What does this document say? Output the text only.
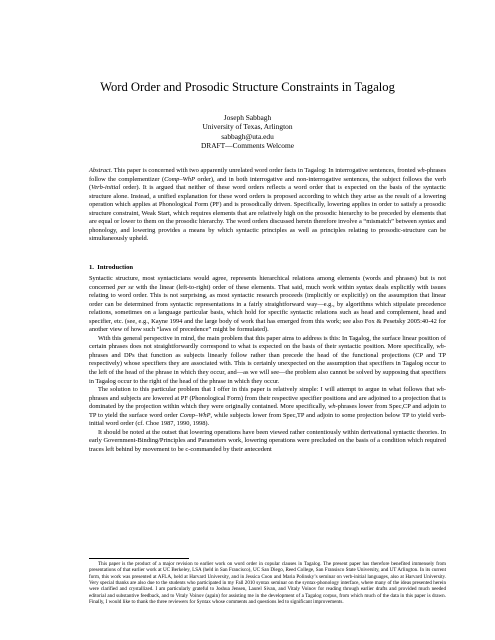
Word Order and Prosodic Structure Constraints in Tagalog
Joseph Sabbagh
University of Texas, Arlington
sabbagh@uta.edu
DRAFT—Comments Welcome

Abstract. This paper is concerned with two apparently unrelated word order facts in Tagalog: In interrogative sentences, fronted wh-phrases follow the complementizer (Comp–WhP order), and in both interrogative and non-interrogative sentences, the subject follows the verb (Verb-initial order). It is argued that neither of these word orders reflects a word order that is expected on the basis of the syntactic structure alone. Instead, a unified explanation for these word orders is proposed according to which they arise as the result of a lowering operation which applies at Phonological Form (PF) and is prosodically driven. Specifically, lowering applies in order to satisfy a prosodic structure constraint, Weak Start, which requires elements that are relatively high on the prosodic hierarchy to be preceded by elements that are equal or lower to them on the prosodic hierarchy. The word orders discussed herein therefore involve a “mismatch” between syntax and phonology, and lowering provides a means by which syntactic principles as well as principles relating to prosodic-structure can be simultaneously upheld.

1. Introduction

Syntactic structure, most syntacticians would agree, represents hierarchical relations among elements (words and phrases) but is not concerned per se with the linear (left-to-right) order of these elements. That said, much work within syntax deals explicitly with issues relating to word order. This is not surprising, as most syntactic research proceeds (implicitly or explicitly) on the assumption that linear order can be determined from syntactic representations in a fairly straightforward way—e.g., by algorithms which stipulate precedence relations, sometimes on a language particular basis, which hold for specific syntactic relations such as head and complement, head and specifier, etc. (see, e.g., Kayne 1994 and the large body of work that has emerged from this work; see also Fox & Pesetsky 2005:40-42 for another view of how such “laws of precedence” might be formulated).

With this general perspective in mind, the main problem that this paper aims to address is this: In Tagalog, the surface linear position of certain phrases does not straightforwardly correspond to what is expected on the basis of their syntactic position. More specifically, wh-phrases and DPs that function as subjects linearly follow rather than precede the head of the functional projections (CP and TP respectively) whose specifiers they are associated with. This is certainly unexpected on the assumption that specifiers in Tagalog occur to the left of the head of the phrase in which they occur, and—as we will see—the problem also cannot be solved by supposing that specifiers in Tagalog occur to the right of the head of the phrase in which they occur.

The solution to this particular problem that I offer in this paper is relatively simple: I will attempt to argue in what follows that wh-phrases and subjects are lowered at PF (Phonological Form) from their respective specifier positions and are adjoined to a projection that is dominated by the projection within which they were originally contained. More specifically, wh-phrases lower from Spec,CP and adjoin to TP to yield the surface word order Comp–WhP, while subjects lower from Spec,TP and adjoin to some projection below TP to yield verb-initial word order (cf. Choe 1987, 1990, 1998).

It should be noted at the outset that lowering operations have been viewed rather contentiously within derivational syntactic theories. In early Government-Binding/Principles and Parameters work, lowering operations were precluded on the basis of a condition which required traces left behind by movement to be c-commanded by their antecedent

This paper is the product of a major revision to earlier work on word order in copular clauses in Tagalog. The present paper has therefore benefited immensely from presentations of that earlier work at UC Berkeley, LSA (held in San Francisco), UC San Diego, Reed College, San Fransisco State University, and UT Arlington. In its current form, this work was presented at AFLA, held at Harvard University, and in Jessica Coon and Maria Polinsky’s seminar on verb-initial languages, also at Harvard University. Very special thanks are also due to the students who participated in my Fall 2010 syntax seminar on the syntax-phonology interface, where many of the ideas presented herein were clarified and crystallized. I am particularly grateful to Joshua Jensen, Laurel Sivan, and Vitaly Voinov for reading through earlier drafts and provided much needed editorial and substantive feedback, and to Vitaly Voinov (again) for assisting me in the development of a Tagalog corpus, from which much of the data in this paper is drawn. Finally, I would like to thank the three reviewers for Syntax whose comments and questions led to significant improvements.
